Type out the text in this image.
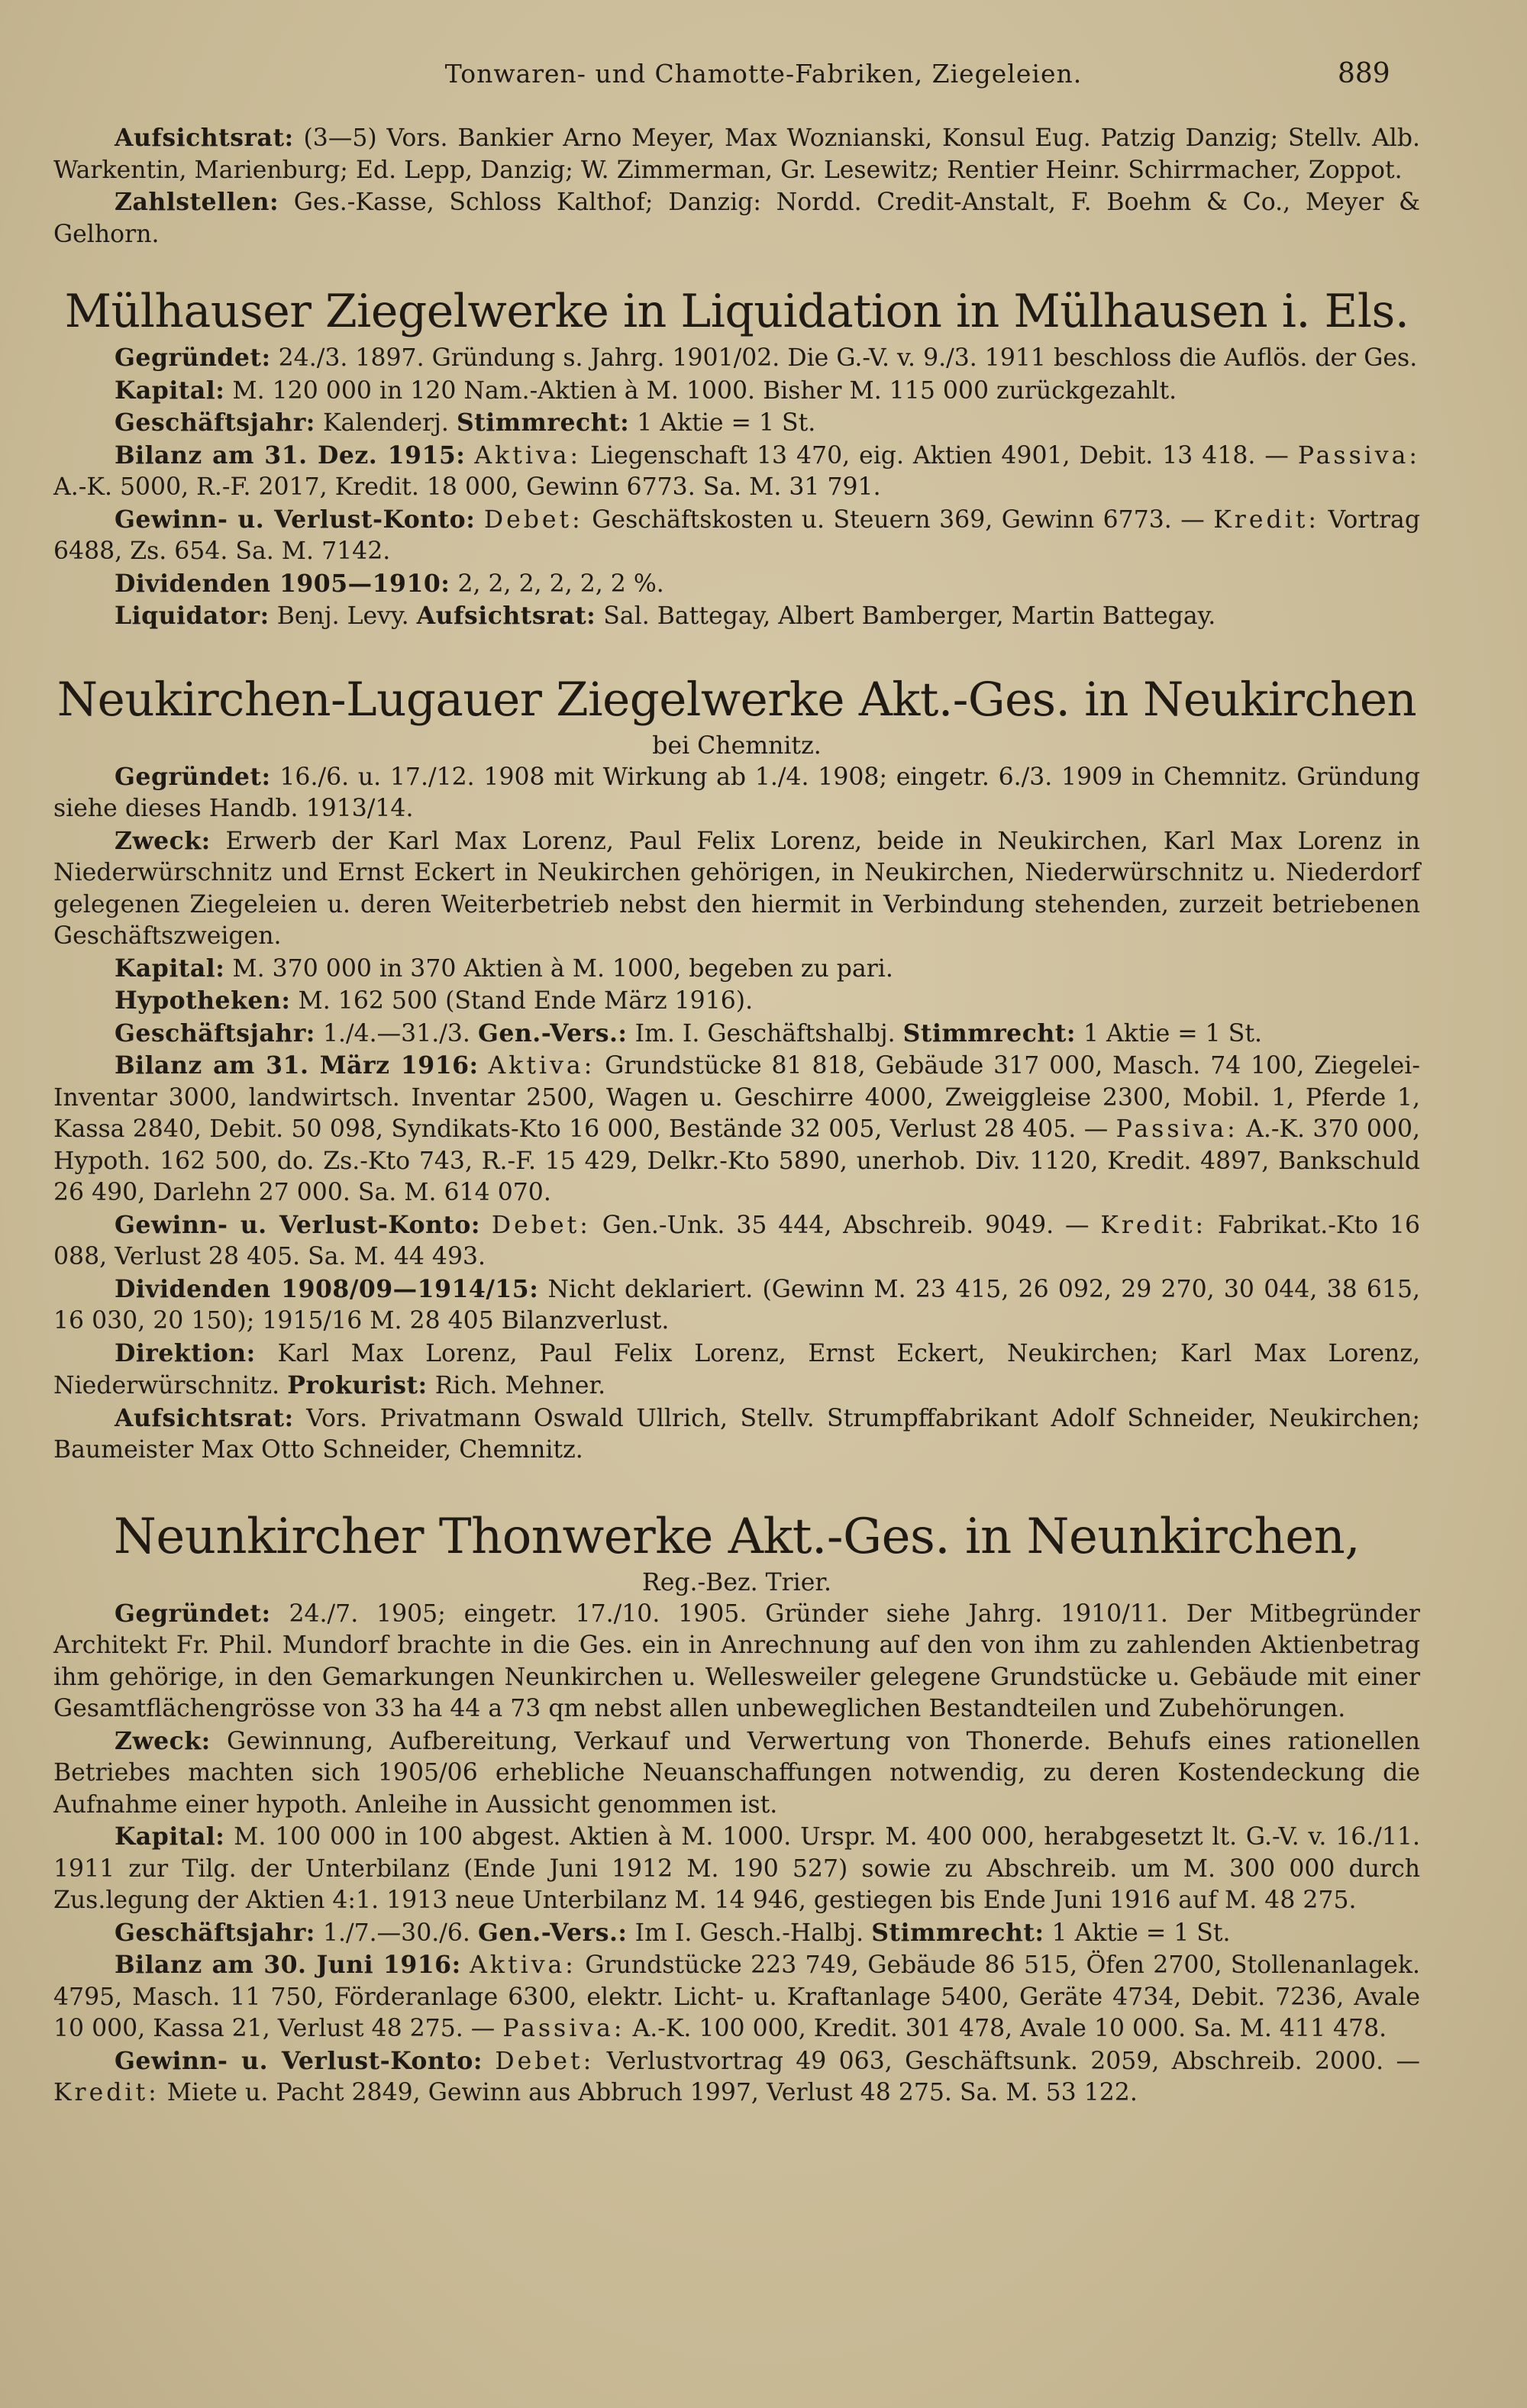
Tonwaren- und Chamotte-Fabriken, Ziegeleien.	889

Aufsichtsrat: (3—5) Vors. Bankier Arno Meyer, Max Woznianski, Konsul Eug. Patzig Danzig; Stellv. Alb. Warkentin, Marienburg; Ed. Lepp, Danzig; W. Zimmerman, Gr. Lesewitz; Rentier Heinr. Schirrmacher, Zoppot.

Zahlstellen: Ges.-Kasse, Schloss Kalthof; Danzig: Nordd. Credit-Anstalt, F. Boehm & Co., Meyer & Gelhorn.

Mülhauser Ziegelwerke in Liquidation in Mülhausen i. Els.

Gegründet: 24./3. 1897. Gründung s. Jahrg. 1901/02. Die G.-V. v. 9./3. 1911 beschloss die Auflös. der Ges.

Kapital: M. 120 000 in 120 Nam.-Aktien à M. 1000. Bisher M. 115 000 zurückgezahlt.

Geschäftsjahr: Kalenderj. Stimmrecht: 1 Aktie = 1 St.

Bilanz am 31. Dez. 1915: Aktiva: Liegenschaft 13 470, eig. Aktien 4901, Debit. 13 418. — Passiva: A.-K. 5000, R.-F. 2017, Kredit. 18 000, Gewinn 6773. Sa. M. 31 791.

Gewinn- u. Verlust-Konto: Debet: Geschäftskosten u. Steuern 369, Gewinn 6773. — Kredit: Vortrag 6488, Zs. 654. Sa. M. 7142.

Dividenden 1905—1910: 2, 2, 2, 2, 2, 2 %.

Liquidator: Benj. Levy. Aufsichtsrat: Sal. Battegay, Albert Bamberger, Martin Battegay.

Neukirchen-Lugauer Ziegelwerke Akt.-Ges. in Neukirchen
bei Chemnitz.

Gegründet: 16./6. u. 17./12. 1908 mit Wirkung ab 1./4. 1908; eingetr. 6./3. 1909 in Chemnitz. Gründung siehe dieses Handb. 1913/14.

Zweck: Erwerb der Karl Max Lorenz, Paul Felix Lorenz, beide in Neukirchen, Karl Max Lorenz in Niederwürschnitz und Ernst Eckert in Neukirchen gehörigen, in Neukirchen, Niederwürschnitz u. Niederdorf gelegenen Ziegeleien u. deren Weiterbetrieb nebst den hiermit in Verbindung stehenden, zurzeit betriebenen Geschäftszweigen.

Kapital: M. 370 000 in 370 Aktien à M. 1000, begeben zu pari.

Hypotheken: M. 162 500 (Stand Ende März 1916).

Geschäftsjahr: 1./4.—31./3. Gen.-Vers.: Im. I. Geschäftshalbj. Stimmrecht: 1 Aktie = 1 St.

Bilanz am 31. März 1916: Aktiva: Grundstücke 81 818, Gebäude 317 000, Masch. 74 100, Ziegelei-Inventar 3000, landwirtsch. Inventar 2500, Wagen u. Geschirre 4000, Zweiggleise 2300, Mobil. 1, Pferde 1, Kassa 2840, Debit. 50 098, Syndikats-Kto 16 000, Bestände 32 005, Verlust 28 405. — Passiva: A.-K. 370 000, Hypoth. 162 500, do. Zs.-Kto 743, R.-F. 15 429, Delkr.-Kto 5890, unerhob. Div. 1120, Kredit. 4897, Bankschuld 26 490, Darlehn 27 000. Sa. M. 614 070.

Gewinn- u. Verlust-Konto: Debet: Gen.-Unk. 35 444, Abschreib. 9049. — Kredit: Fabrikat.-Kto 16 088, Verlust 28 405. Sa. M. 44 493.

Dividenden 1908/09—1914/15: Nicht deklariert. (Gewinn M. 23 415, 26 092, 29 270, 30 044, 38 615, 16 030, 20 150); 1915/16 M. 28 405 Bilanzverlust.

Direktion: Karl Max Lorenz, Paul Felix Lorenz, Ernst Eckert, Neukirchen; Karl Max Lorenz, Niederwürschnitz. Prokurist: Rich. Mehner.

Aufsichtsrat: Vors. Privatmann Oswald Ullrich, Stellv. Strumpffabrikant Adolf Schneider, Neukirchen; Baumeister Max Otto Schneider, Chemnitz.

Neunkircher Thonwerke Akt.-Ges. in Neunkirchen,
Reg.-Bez. Trier.

Gegründet: 24./7. 1905; eingetr. 17./10. 1905. Gründer siehe Jahrg. 1910/11. Der Mitbegründer Architekt Fr. Phil. Mundorf brachte in die Ges. ein in Anrechnung auf den von ihm zu zahlenden Aktienbetrag ihm gehörige, in den Gemarkungen Neunkirchen u. Wellesweiler gelegene Grundstücke u. Gebäude mit einer Gesamtflächengrösse von 33 ha 44 a 73 qm nebst allen unbeweglichen Bestandteilen und Zubehörungen.

Zweck: Gewinnung, Aufbereitung, Verkauf und Verwertung von Thonerde. Behufs eines rationellen Betriebes machten sich 1905/06 erhebliche Neuanschaffungen notwendig, zu deren Kostendeckung die Aufnahme einer hypoth. Anleihe in Aussicht genommen ist.

Kapital: M. 100 000 in 100 abgest. Aktien à M. 1000. Urspr. M. 400 000, herabgesetzt lt. G.-V. v. 16./11. 1911 zur Tilg. der Unterbilanz (Ende Juni 1912 M. 190 527) sowie zu Abschreib. um M. 300 000 durch Zus.legung der Aktien 4:1. 1913 neue Unterbilanz M. 14 946, gestiegen bis Ende Juni 1916 auf M. 48 275.

Geschäftsjahr: 1./7.—30./6. Gen.-Vers.: Im I. Gesch.-Halbj. Stimmrecht: 1 Aktie = 1 St.

Bilanz am 30. Juni 1916: Aktiva: Grundstücke 223 749, Gebäude 86 515, Öfen 2700, Stollenanlagek. 4795, Masch. 11 750, Förderanlage 6300, elektr. Licht- u. Kraftanlage 5400, Geräte 4734, Debit. 7236, Avale 10 000, Kassa 21, Verlust 48 275. — Passiva: A.-K. 100 000, Kredit. 301 478, Avale 10 000. Sa. M. 411 478.

Gewinn- u. Verlust-Konto: Debet: Verlustvortrag 49 063, Geschäftsunk. 2059, Abschreib. 2000. — Kredit: Miete u. Pacht 2849, Gewinn aus Abbruch 1997, Verlust 48 275. Sa. M. 53 122.
